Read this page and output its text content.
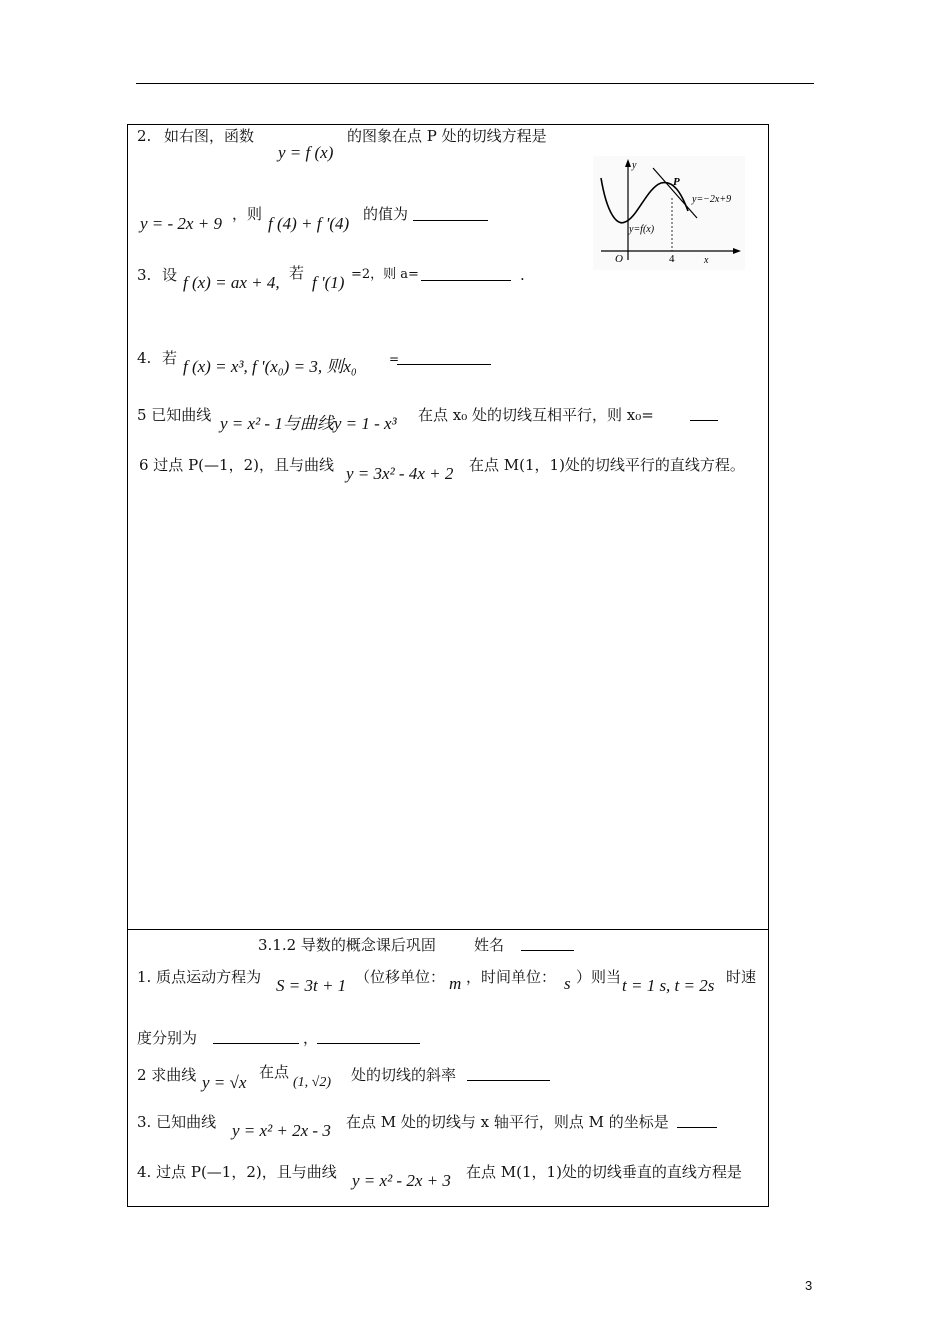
2. 如右图，函数
y = f (x)
的图象在点 P 处的切线方程是
y = - 2x + 9 ，则 f (4) + f '(4) 的值为
y
x
O	4
P
y=−2x+9
y=f(x)
3. 设 f (x) = ax + 4, 若 f '(1) =2，则 a=	.
4. 若 f (x) = x³, f '(x₀) = 3, 则x₀	=
5 已知曲线 y = x² - 1与曲线y = 1 - x³ 在点 x₀ 处的切线互相平行，则 x₀=
6 过点 P(—1，2)，且与曲线 y = 3x² - 4x + 2 在点 M(1，1)处的切线平行的直线方程。
3.1.2 导数的概念课后巩固	姓名
1. 质点运动方程为 S = 3t + 1 （位移单位： m ，时间单位： s ）则当 t = 1 s, t = 2s 时速
度分别为	，
2 求曲线 y = √x
在点
(1, √2) 处的切线的斜率
3. 已知曲线 y = x² + 2x - 3 在点 M 处的切线与 x 轴平行，则点 M 的坐标是
4. 过点 P(—1，2)，且与曲线 y = x² - 2x + 3 在点 M(1，1)处的切线垂直的直线方程是
3
